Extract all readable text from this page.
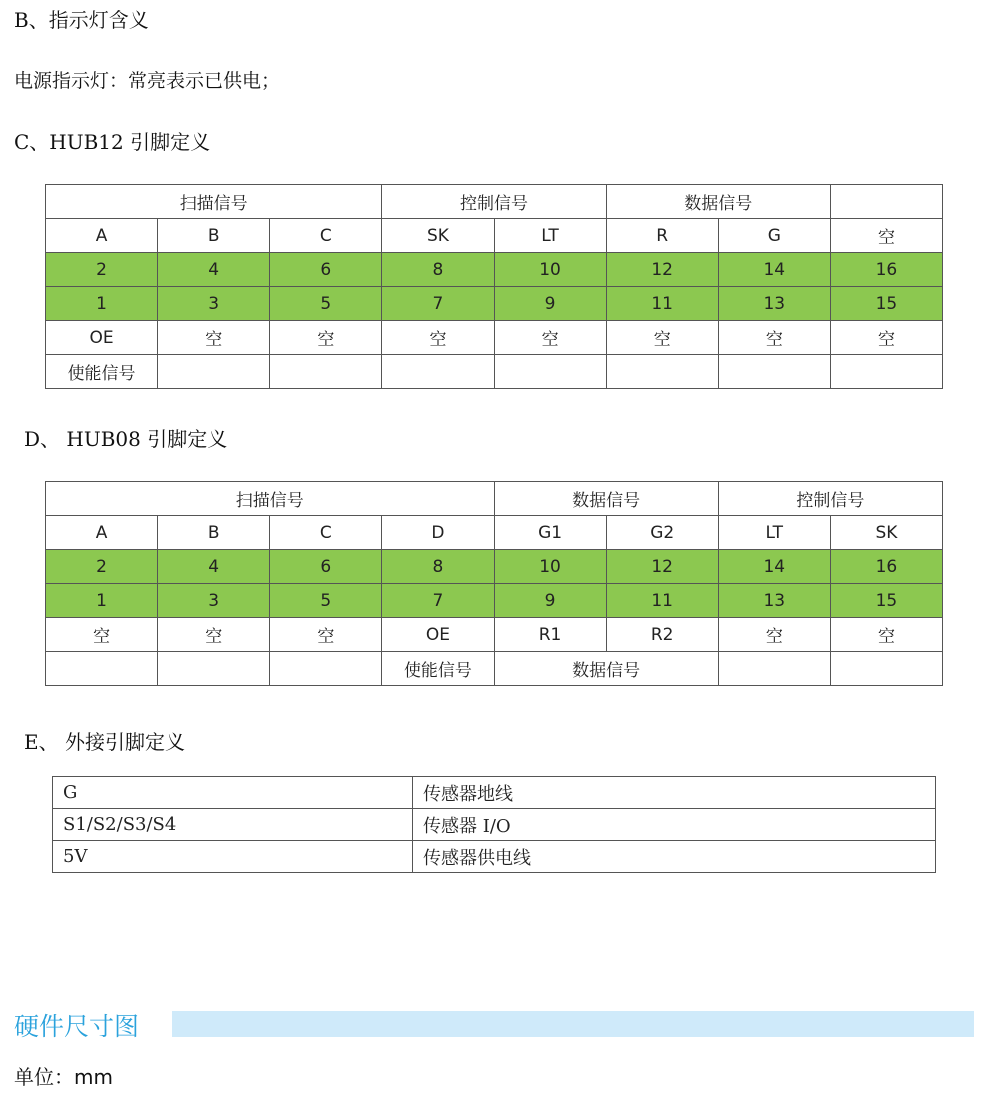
B、指示灯含义
电源指示灯：常亮表示已供电；
C、HUB12 引脚定义
扫描信号			控制信号		数据信号		
A	B	C	SK	LT	R	G	空
2	4	6	8	10	12	14	16
1	3	5	7	9	11	13	15
OE	空	空	空	空	空	空	空
使能信号							
D、 HUB08 引脚定义
扫描信号				数据信号		控制信号	
A	B	C	D	G1	G2	LT	SK
2	4	6	8	10	12	14	16
1	3	5	7	9	11	13	15
空	空	空	OE	R1	R2	空	空
			使能信号	数据信号			
E、 外接引脚定义
G	传感器地线
S1/S2/S3/S4	传感器 I/O
5V	传感器供电线
硬件尺寸图
单位：mm
